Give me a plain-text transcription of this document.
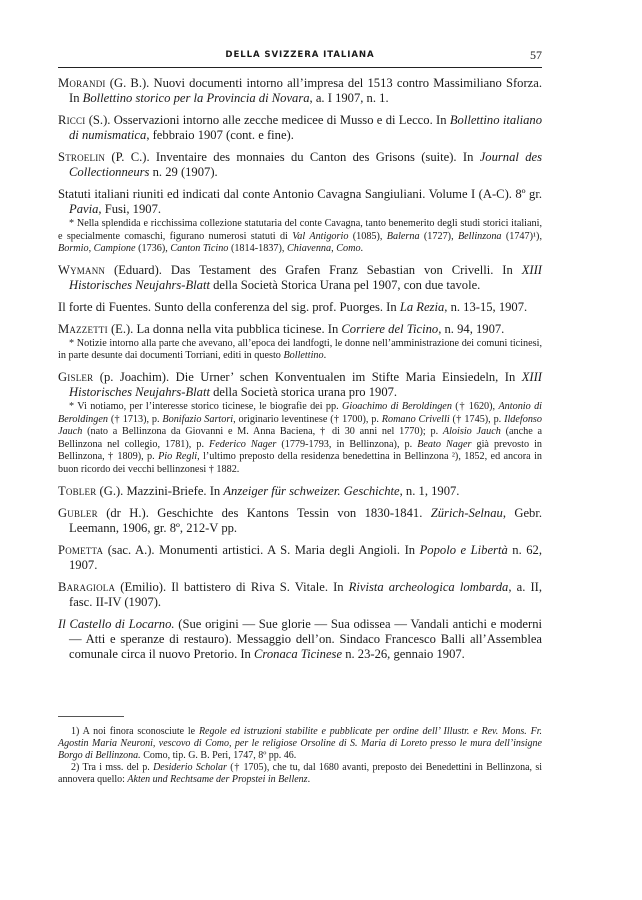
DELLA SVIZZERA ITALIANA	57

Morandi (G. B.). Nuovi documenti intorno all’impresa del 1513 contro Massimiliano Sforza. In Bollettino storico per la Provincia di Novara, a. I 1907, n. 1.

Ricci (S.). Osservazioni intorno alle zecche medicee di Musso e di Lecco. In Bollettino italiano di numismatica, febbraio 1907 (cont. e fine).

Stroelin (P. C.). Inventaire des monnaies du Canton des Grisons (suite). In Journal des Collectionneurs n. 29 (1907).

Statuti italiani riuniti ed indicati dal conte Antonio Cavagna Sangiuliani. Volume I (A-C). 8º gr. Pavia, Fusi, 1907.

* Nella splendida e ricchissima collezione statutaria del conte Cavagna, tanto benemerito degli studi storici italiani, e specialmente comaschi, figurano numerosi statuti di Val Antigorio (1085), Balerna (1727), Bellinzona (1747)¹), Bormio, Campione (1736), Canton Ticino (1814-1837), Chiavenna, Como.

Wymann (Eduard). Das Testament des Grafen Franz Sebastian von Crivelli. In XIII Historisches Neujahrs-Blatt della Società Storica Urana pel 1907, con due tavole.

Il forte di Fuentes. Sunto della conferenza del sig. prof. Puorges. In La Rezia, n. 13-15, 1907.

Mazzetti (E.). La donna nella vita pubblica ticinese. In Corriere del Ticino, n. 94, 1907.

* Notizie intorno alla parte che avevano, all’epoca dei landfogti, le donne nell’amministrazione dei comuni ticinesi, in parte desunte dai documenti Torriani, editi in questo Bollettino.

Gisler (p. Joachim). Die Urner’ schen Konventualen im Stifte Maria Einsiedeln, In XIII Historisches Neujahrs-Blatt della Società storica urana pro 1907.

* Vi notiamo, per l’interesse storico ticinese, le biografie dei pp. Gioachimo di Beroldingen († 1620), Antonio di Beroldingen († 1713), p. Bonifazio Sartori, originario leventinese († 1700), p. Romano Crivelli († 1745), p. Ildefonso Jauch (nato a Bellinzona da Giovanni e M. Anna Baciena, † di 30 anni nel 1770); p. Aloisio Jauch (anche a Bellinzona nel collegio, 1781), p. Federico Nager (1779-1793, in Bellinzona), p. Beato Nager già prevosto in Bellinzona, † 1809), p. Pio Regli, l’ultimo preposto della residenza benedettina in Bellinzona ²), 1852, ed ancora in buon ricordo dei vecchi bellinzonesi † 1882.

Tobler (G.). Mazzini-Briefe. In Anzeiger für schweizer. Geschichte, n. 1, 1907.

Gubler (dr H.). Geschichte des Kantons Tessin von 1830-1841. Zürich-Selnau, Gebr. Leemann, 1906, gr. 8º, 212-V pp.

Pometta (sac. A.). Monumenti artistici. A S. Maria degli Angioli. In Popolo e Libertà n. 62, 1907.

Baragiola (Emilio). Il battistero di Riva S. Vitale. In Rivista archeologica lombarda, a. II, fasc. II-IV (1907).

Il Castello di Locarno. (Sue origini — Sue glorie — Sua odissea — Vandali antichi e moderni — Atti e speranze di restauro). Messaggio dell’on. Sindaco Francesco Balli all’Assemblea comunale circa il nuovo Pretorio. In Cronaca Ticinese n. 23-26, gennaio 1907.

1) A noi finora sconosciute le Regole ed istruzioni stabilite e pubblicate per ordine dell’ Illustr. e Rev. Mons. Fr. Agostin Maria Neuroni, vescovo di Como, per le religiose Orsoline di S. Maria di Loreto presso le mura dell’insigne Borgo di Bellinzona. Como, tip. G. B. Peri, 1747, 8º pp. 46.

2) Tra i mss. del p. Desiderio Scholar († 1705), che tu, dal 1680 avanti, preposto dei Benedettini in Bellinzona, si annovera quello: Akten und Rechtsame der Propstei in Bellenz.
